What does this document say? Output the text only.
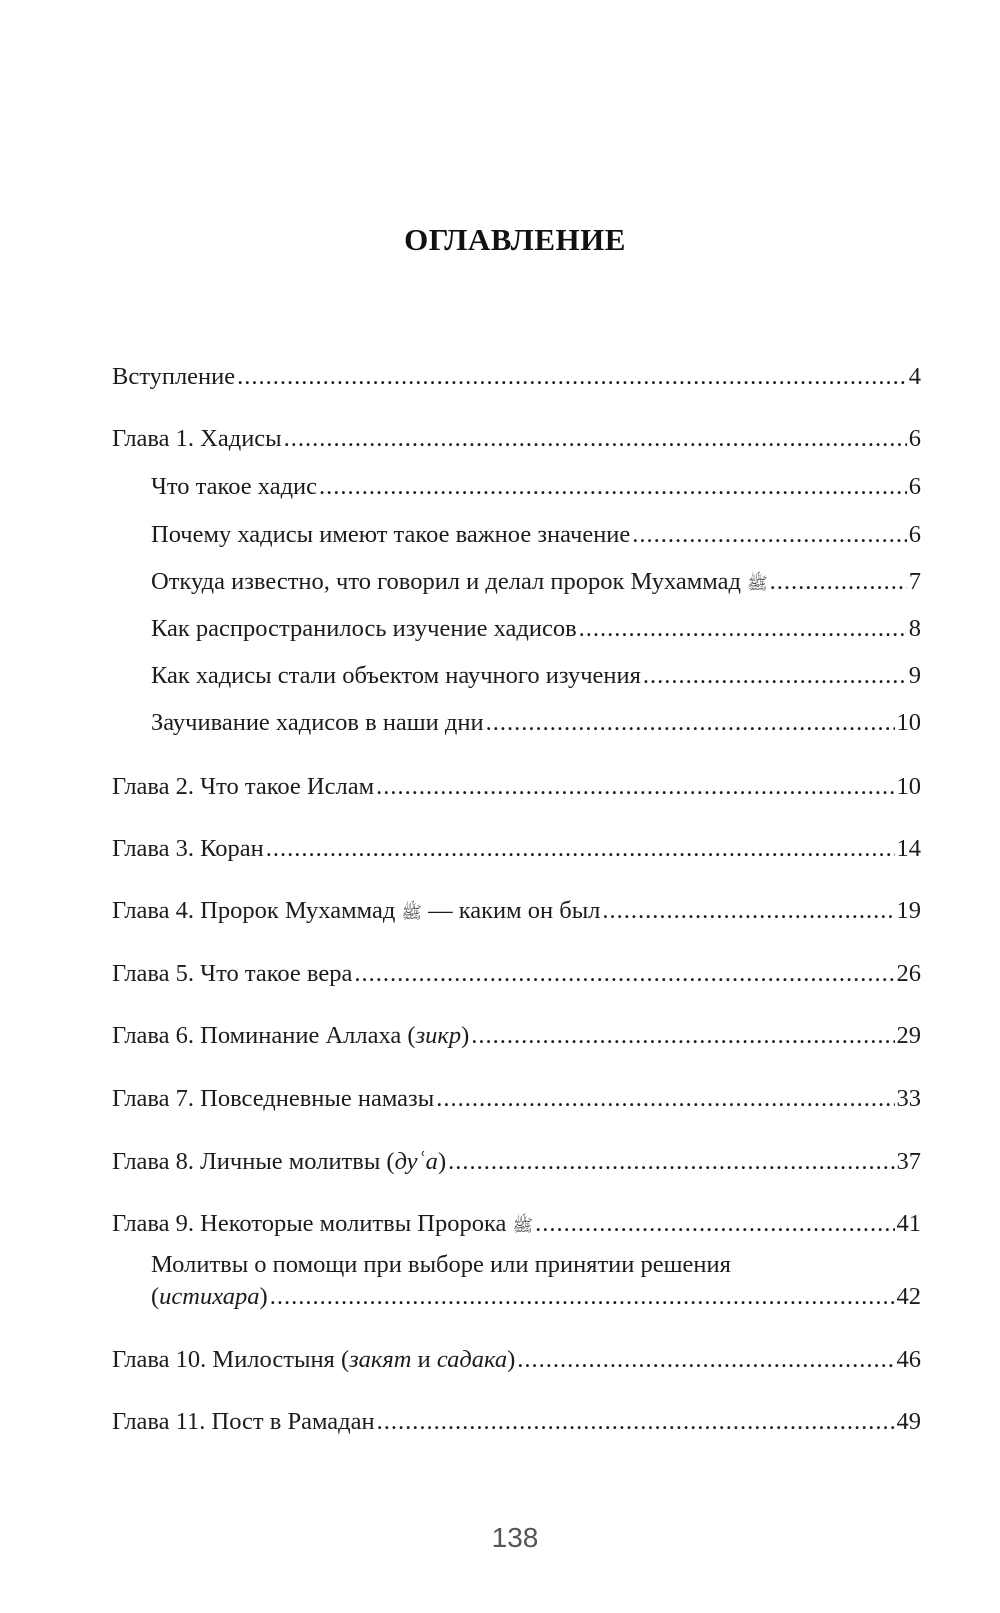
ОГЛАВЛЕНИЕ
Вступление .....	4
Глава 1. Хадисы .....	6
Что такое хадис .....	6
Почему хадисы имеют такое важное значение .....	6
Откуда известно, что говорил и делал пророк Мухаммад ﷺ .....	7
Как распространилось изучение хадисов .....	8
Как хадисы стали объектом научного изучения .....	9
Заучивание хадисов в наши дни .....	10
Глава 2. Что такое Ислам .....	10
Глава 3. Коран .....	14
Глава 4. Пророк Мухаммад ﷺ — каким он был .....	19
Глава 5. Что такое вера .....	26
Глава 6. Поминание Аллаха (зикр) .....	29
Глава 7. Повседневные намазы .....	33
Глава 8. Личные молитвы (дуʿа) .....	37
Глава 9. Некоторые молитвы Пророка ﷺ .....	41
Молитвы о помощи при выборе или принятии решения
(истихара) .....	42
Глава 10. Милостыня (закят и садака) .....	46
Глава 11. Пост в Рамадан .....	49
138
